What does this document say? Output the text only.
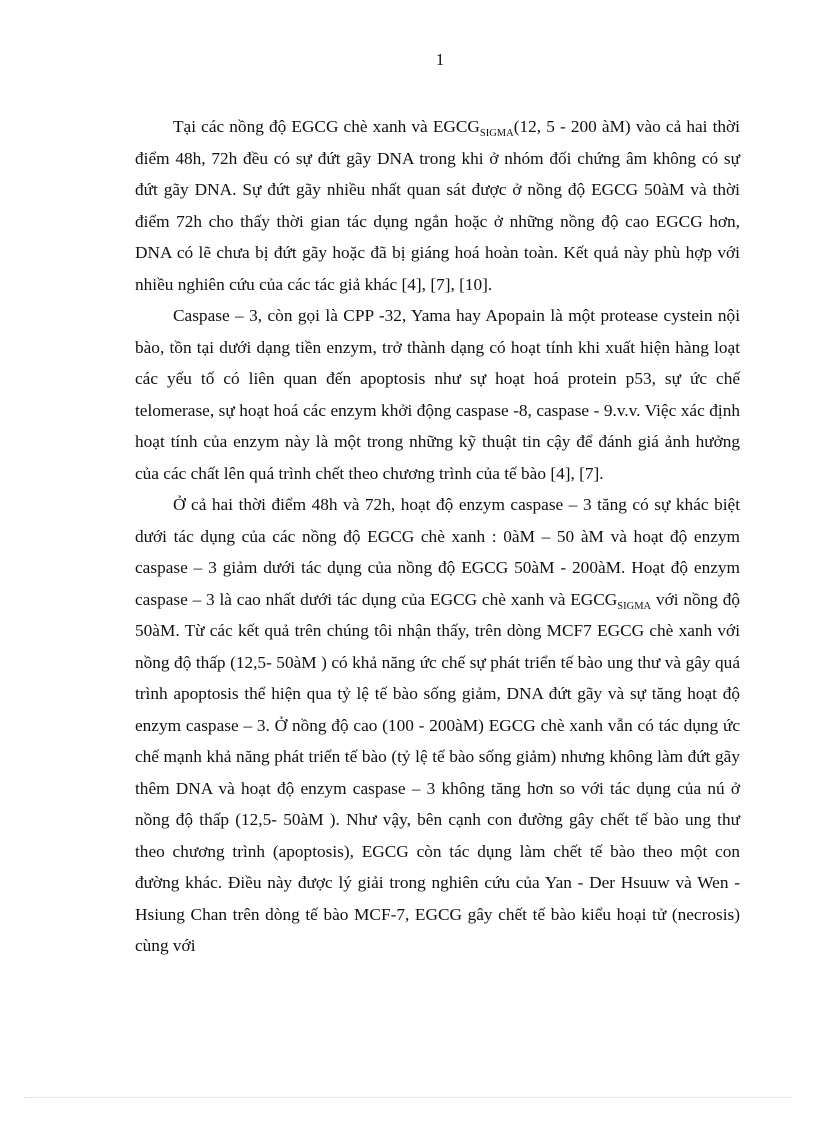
1

Tại các nồng độ EGCG chè xanh và $EGCG_{SIGMA}(12$, 5 - 200 àM) vào cả hai thời điểm 48h, 72h đều có sự đứt gãy DNA trong khi ở nhóm đối chứng âm không có sự đứt gãy DNA. Sự đứt gãy nhiều nhất quan sát được ở nồng độ EGCG 50àM và thời điểm 72h cho thấy thời gian tác dụng ngắn hoặc ở những nồng độ cao EGCG hơn, DNA có lẽ chưa bị đứt gãy hoặc đã bị giáng hoá hoàn toàn. Kết quả này phù hợp với nhiều nghiên cứu của các tác giả khác [4], [7], [10].

Caspase – 3, còn gọi là CPP -32, Yama hay Apopain là một protease cystein nội bào, tồn tại dưới dạng tiền enzym, trở thành dạng có hoạt tính khi xuất hiện hàng loạt các yếu tố có liên quan đến apoptosis như sự hoạt hoá protein p53, sự ức chế telomerase, sự hoạt hoá các enzym khởi động caspase -8, caspase - 9.v.v. Việc xác định hoạt tính của enzym này là một trong những kỹ thuật tin cậy để đánh giá ảnh hưởng của các chất lên quá trình chết theo chương trình của tế bào [4], [7].

Ở cả hai thời điểm 48h và 72h, hoạt độ enzym caspase – 3 tăng có sự khác biệt dưới tác dụng của các nồng độ EGCG chè xanh : 0àM – 50 àM và hoạt độ enzym caspase – 3 giảm dưới tác dụng của nồng độ EGCG 50àM - 200àM. Hoạt độ enzym caspase – 3 là cao nhất dưới tác dụng của EGCG chè xanh và $EGCG_{SIGMA}$ với nồng độ 50àM. Từ các kết quả trên chúng tôi nhận thấy, trên dòng MCF7 EGCG chè xanh với nồng độ thấp (12,5- 50àM ) có khả năng ức chế sự phát triển tế bào ung thư và gây quá trình apoptosis thể hiện qua tỷ lệ tế bào sống giảm, DNA đứt gãy và sự tăng hoạt độ enzym caspase – 3. Ở nồng độ cao (100 - 200àM) EGCG chè xanh vẫn có tác dụng ức chế mạnh khả năng phát triển tế bào (tỷ lệ tế bào sống giảm) nhưng không làm đứt gãy thêm DNA và hoạt độ enzym caspase – 3 không tăng hơn so với tác dụng của nú ở nồng độ thấp (12,5- 50àM ). Như vậy, bên cạnh con đường gây chết tế bào ung thư theo chương trình (apoptosis), EGCG còn tác dụng làm chết tế bào theo một con đường khác. Điều này được lý giải trong nghiên cứu của Yan - Der Hsuuw và Wen - Hsiung Chan trên dòng tế bào MCF-7, EGCG gây chết tế bào kiểu hoại tử (necrosis) cùng với
